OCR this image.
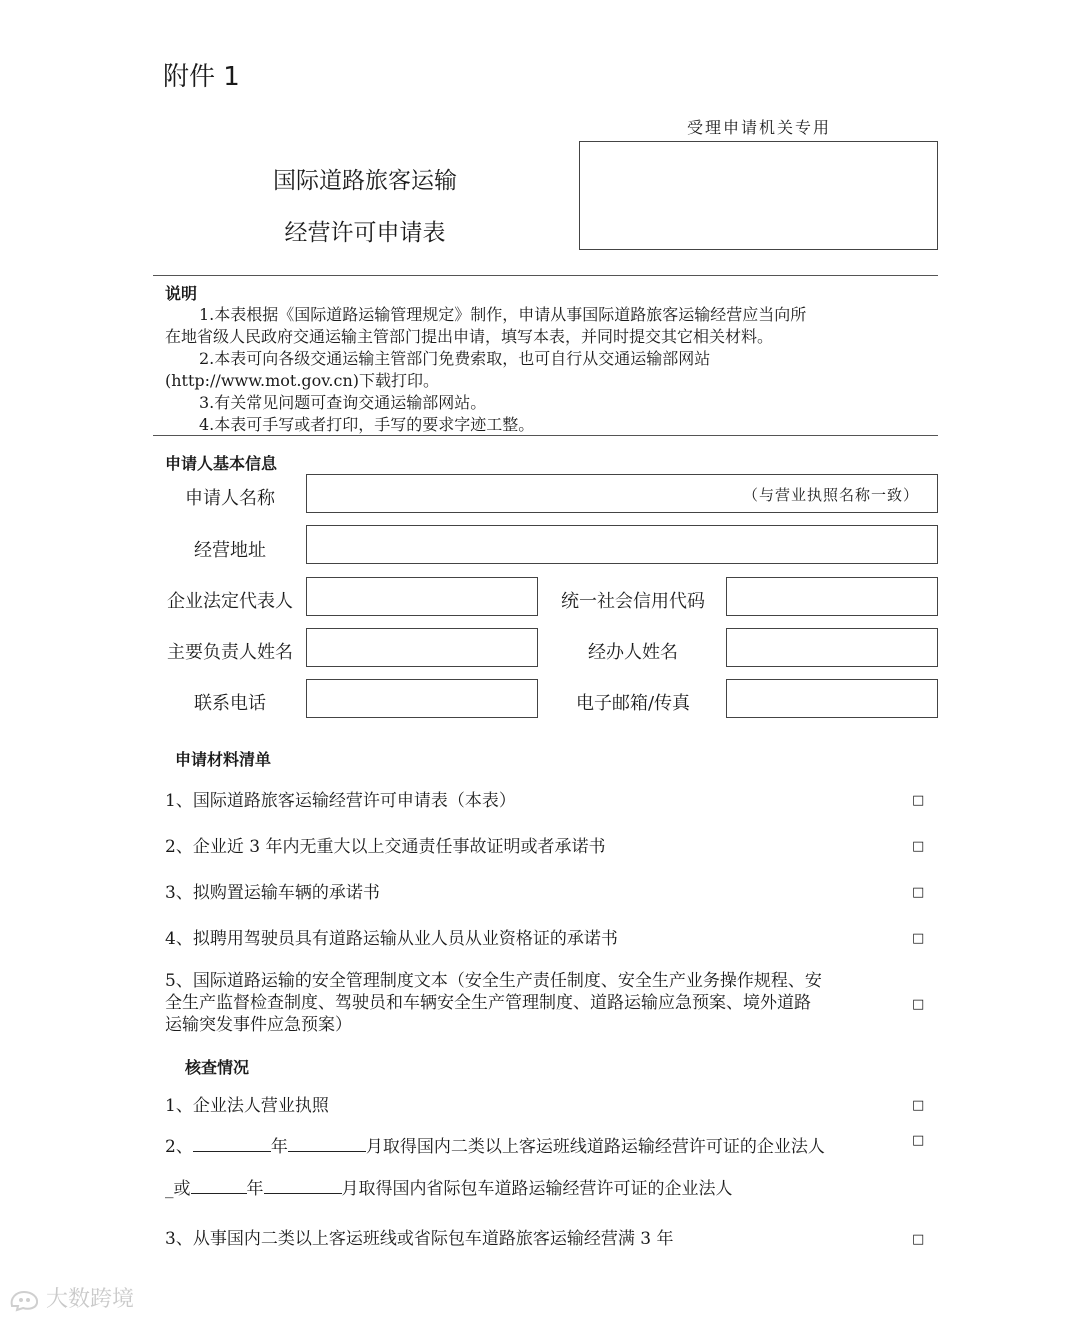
附件 1
受理申请机关专用
国际道路旅客运输
经营许可申请表
说明
1.本表根据《国际道路运输管理规定》制作，申请从事国际道路旅客运输经营应当向所
在地省级人民政府交通运输主管部门提出申请，填写本表，并同时提交其它相关材料。
2.本表可向各级交通运输主管部门免费索取，也可自行从交通运输部网站
(http://www.mot.gov.cn)下载打印。
3.有关常见问题可查询交通运输部网站。
4.本表可手写或者打印，手写的要求字迹工整。
申请人基本信息
申请人名称	（与营业执照名称一致）
经营地址
企业法定代表人	统一社会信用代码
主要负责人姓名	经办人姓名
联系电话	电子邮箱/传真
申请材料清单
1、国际道路旅客运输经营许可申请表（本表）	□
2、企业近 3 年内无重大以上交通责任事故证明或者承诺书	□
3、拟购置运输车辆的承诺书	□
4、拟聘用驾驶员具有道路运输从业人员从业资格证的承诺书	□
5、国际道路运输的安全管理制度文本（安全生产责任制度、安全生产业务操作规程、安
全生产监督检查制度、驾驶员和车辆安全生产管理制度、道路运输应急预案、境外道路
运输突发事件应急预案）
□
核查情况
1、企业法人营业执照	□
2、	年	月取得国内二类以上客运班线道路运输经营许可证的企业法人	□
_或	年	月取得国内省际包车道路运输经营许可证的企业法人
3、从事国内二类以上客运班线或省际包车道路旅客运输经营满 3 年	□
大数跨境
